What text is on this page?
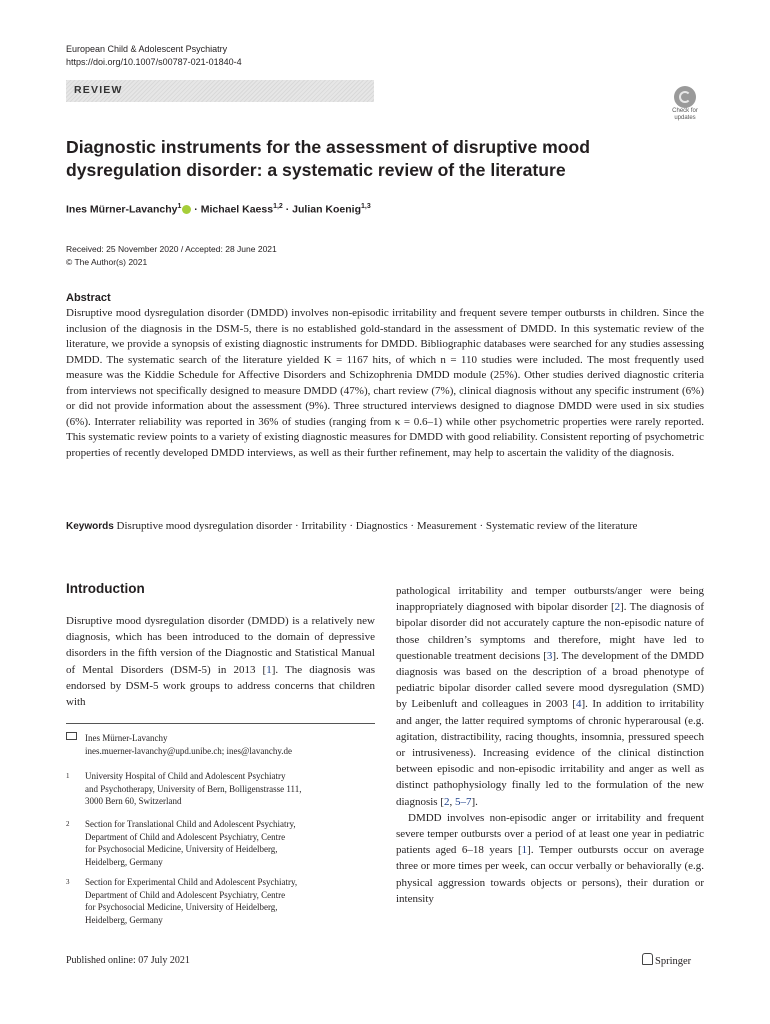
European Child & Adolescent Psychiatry
https://doi.org/10.1007/s00787-021-01840-4
REVIEW
Check for
updates
Diagnostic instruments for the assessment of disruptive mood
dysregulation disorder: a systematic review of the literature
Ines Mürner-Lavanchy$^1$ · Michael Kaess$^{1,2}$ · Julian Koenig$^{1,3}$
Received: 25 November 2020 / Accepted: 28 June 2021
© The Author(s) 2021
Abstract

Disruptive mood dysregulation disorder (DMDD) involves non-episodic irritability and frequent severe temper outbursts in children. Since the inclusion of the diagnosis in the DSM-5, there is no established gold-standard in the assessment of DMDD. In this systematic review of the literature, we provide a synopsis of existing diagnostic instruments for DMDD. Bibliographic databases were searched for any studies assessing DMDD. The systematic search of the literature yielded K = 1167 hits, of which n = 110 studies were included. The most frequently used measure was the Kiddie Schedule for Affective Disorders and Schizophrenia DMDD module (25%). Other studies derived diagnostic criteria from interviews not specifically designed to measure DMDD (47%), chart review (7%), clinical diagnosis without any specific instrument (6%) or did not provide information about the assessment (9%). Three structured interviews designed to diagnose DMDD were used in six studies (6%). Interrater reliability was reported in 36% of studies (ranging from κ = 0.6–1) while other psychometric properties were rarely reported. This systematic review points to a variety of existing diagnostic measures for DMDD with good reliability. Consistent reporting of psychometric properties of recently developed DMDD interviews, as well as their further refinement, may help to ascertain the validity of the diagnosis.

Keywords Disruptive mood dysregulation disorder · Irritability · Diagnostics · Measurement · Systematic review of the literature

Introduction

Disruptive mood dysregulation disorder (DMDD) is a relatively new diagnosis, which has been introduced to the domain of depressive disorders in the fifth version of the Diagnostic and Statistical Manual of Mental Disorders (DSM-5) in 2013 [1]. The diagnosis was endorsed by DSM-5 work groups to address concerns that children with

Ines Mürner-Lavanchy
ines.muerner-lavanchy@upd.unibe.ch; ines@lavanchy.de
1 University Hospital of Child and Adolescent Psychiatry
and Psychotherapy, University of Bern, Bolligenstrasse 111,
3000 Bern 60, Switzerland
2 Section for Translational Child and Adolescent Psychiatry,
Department of Child and Adolescent Psychiatry, Centre
for Psychosocial Medicine, University of Heidelberg,
Heidelberg, Germany
3 Section for Experimental Child and Adolescent Psychiatry,
Department of Child and Adolescent Psychiatry, Centre
for Psychosocial Medicine, University of Heidelberg,
Heidelberg, Germany

pathological irritability and temper outbursts/anger were being inappropriately diagnosed with bipolar disorder [2]. The diagnosis of bipolar disorder did not accurately capture the non-episodic nature of those children’s symptoms and therefore, might have led to questionable treatment decisions [3]. The development of the DMDD diagnosis was based on the description of a broad phenotype of pediatric bipolar disorder called severe mood dysregulation (SMD) by Leibenluft and colleagues in 2003 [4]. In addition to irritability and anger, the latter required symptoms of chronic hyperarousal (e.g. agitation, distractibility, racing thoughts, insomnia, pressured speech or intrusiveness). Increasing evidence of the clinical distinction between episodic and non-episodic irritability and anger as well as distinct pathophysiology finally led to the formulation of the new diagnosis [2, 5–7].
DMDD involves non-episodic anger or irritability and frequent severe temper outbursts over a period of at least one year in pediatric patients aged 6–18 years [1]. Temper outbursts occur on average three or more times per week, can occur verbally or behaviorally (e.g. physical aggression towards objects or persons), their duration or intensity

Published online: 07 July 2021	Springer
